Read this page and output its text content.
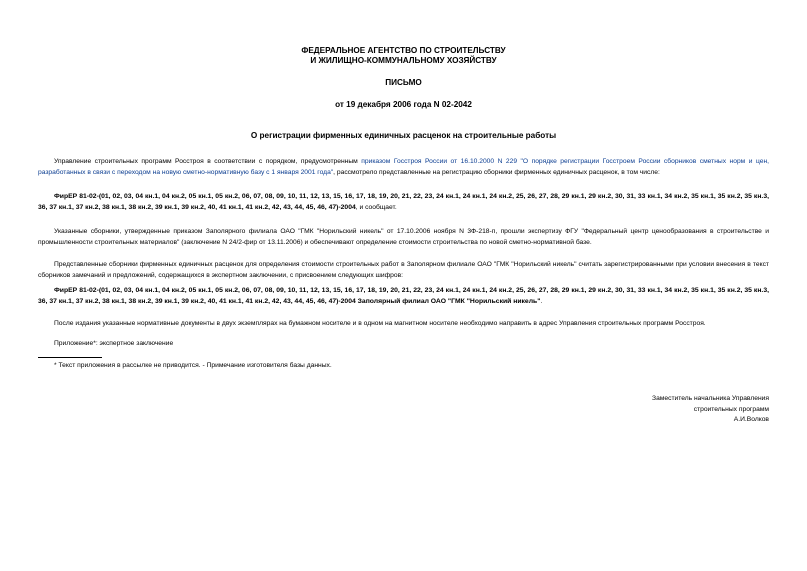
ФЕДЕРАЛЬНОЕ АГЕНТСТВО ПО СТРОИТЕЛЬСТВУ
И ЖИЛИЩНО-КОММУНАЛЬНОМУ ХОЗЯЙСТВУ
ПИСЬМО
от 19 декабря 2006 года N 02-2042
О регистрации фирменных единичных расценок на строительные работы
Управление строительных программ Росстроя в соответствии с порядком, предусмотренным приказом Госстроя России от 16.10.2000 N 229 "О порядке регистрации Госстроем России сборников сметных норм и цен, разработанных в связи с переходом на новую сметно-нормативную базу с 1 января 2001 года", рассмотрело представленные на регистрацию сборники фирменных единичных расценок, в том числе:
ФирЕР 81-02-(01, 02, 03, 04 кн.1, 04 кн.2, 05 кн.1, 05 кн.2, 06, 07, 08, 09, 10, 11, 12, 13, 15, 16, 17, 18, 19, 20, 21, 22, 23, 24 кн.1, 24 кн.1, 24 кн.2, 25, 26, 27, 28, 29 кн.1, 29 кн.2, 30, 31, 33 кн.1, 34 кн.2, 35 кн.1, 35 кн.2, 35 кн.3, 36, 37 кн.1, 37 кн.2, 38 кн.1, 38 кн.2, 39 кн.1, 39 кн.2, 40, 41 кн.1, 41 кн.2, 42, 43, 44, 45, 46, 47)-2004, и сообщает.
Указанные сборники, утвержденные приказом Заполярного филиала ОАО "ГМК "Норильский никель" от 17.10.2006 ноября N 3Ф-218-п, прошли экспертизу ФГУ "Федеральный центр ценообразования в строительстве и промышленности строительных материалов" (заключение N 24/2-фир от 13.11.2006) и обеспечивают определение стоимости строительства по новой сметно-нормативной базе.
Представленные сборники фирменных единичных расценок для определения стоимости строительных работ в Заполярном филиале ОАО "ГМК "Норильский никель" считать зарегистрированными при условии внесения в текст сборников замечаний и предложений, содержащихся в экспертном заключении, с присвоением следующих шифров:
ФирЕР 81-02-(01, 02, 03, 04 кн.1, 04 кн.2, 05 кн.1, 05 кн.2, 06, 07, 08, 09, 10, 11, 12, 13, 15, 16, 17, 18, 19, 20, 21, 22, 23, 24 кн.1, 24 кн.1, 24 кн.2, 25, 26, 27, 28, 29 кн.1, 29 кн.2, 30, 31, 33 кн.1, 34 кн.2, 35 кн.1, 35 кн.2, 35 кн.3, 36, 37 кн.1, 37 кн.2, 38 кн.1, 38 кн.2, 39 кн.1, 39 кн.2, 40, 41 кн.1, 41 кн.2, 42, 43, 44, 45, 46, 47)-2004 Заполярный филиал ОАО "ГМК "Норильский никель".
После издания указанные нормативные документы в двух экземплярах на бумажном носителе и в одном на магнитном носителе необходимо направить в адрес Управления строительных программ Росстроя.
Приложение*: экспертное заключение
* Текст приложения в рассылке не приводится. - Примечание изготовителя базы данных.
Заместитель начальника Управления
строительных программ
А.И.Волков
